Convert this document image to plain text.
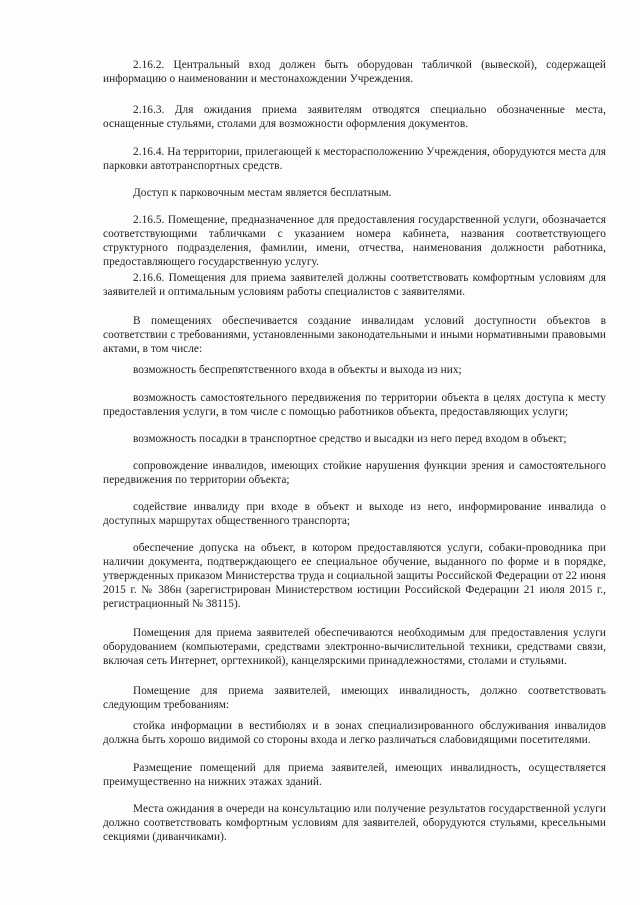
2.16.2. Центральный вход должен быть оборудован табличкой (вывеской), содержащей информацию о наименовании и местонахождении Учреждения.

2.16.3. Для ожидания приема заявителям отводятся специально обозначенные места, оснащенные стульями, столами для возможности оформления документов.

2.16.4. На территории, прилегающей к месторасположению Учреждения, оборудуются места для парковки автотранспортных средств.

Доступ к парковочным местам является бесплатным.

2.16.5. Помещение, предназначенное для предоставления государственной услуги, обозначается соответствующими табличками с указанием номера кабинета, названия соответствующего структурного подразделения, фамилии, имени, отчества, наименования должности работника, предоставляющего государственную услугу.

2.16.6. Помещения для приема заявителей должны соответствовать комфортным условиям для заявителей и оптимальным условиям работы специалистов с заявителями.

В помещениях обеспечивается создание инвалидам условий доступности объектов в соответствии с требованиями, установленными законодательными и иными нормативными правовыми актами, в том числе:

возможность беспрепятственного входа в объекты и выхода из них;

возможность самостоятельного передвижения по территории объекта в целях доступа к месту предоставления услуги, в том числе с помощью работников объекта, предоставляющих услуги;

возможность посадки в транспортное средство и высадки из него перед входом в объект;

сопровождение инвалидов, имеющих стойкие нарушения функции зрения и самостоятельного передвижения по территории объекта;

содействие инвалиду при входе в объект и выходе из него, информирование инвалида о доступных маршрутах общественного транспорта;

обеспечение допуска на объект, в котором предоставляются услуги, собаки-проводника при наличии документа, подтверждающего ее специальное обучение, выданного по форме и в порядке, утвержденных приказом Министерства труда и социальной защиты Российской Федерации от 22 июня 2015 г. № 386н (зарегистрирован Министерством юстиции Российской Федерации 21 июля 2015 г., регистрационный № 38115).

Помещения для приема заявителей обеспечиваются необходимым для предоставления услуги оборудованием (компьютерами, средствами электронно-вычислительной техники, средствами связи, включая сеть Интернет, оргтехникой), канцелярскими принадлежностями, столами и стульями.

Помещение для приема заявителей, имеющих инвалидность, должно соответствовать следующим требованиям:

стойка информации в вестибюлях и в зонах специализированного обслуживания инвалидов должна быть хорошо видимой со стороны входа и легко различаться слабовидящими посетителями.

Размещение помещений для приема заявителей, имеющих инвалидность, осуществляется преимущественно на нижних этажах зданий.

Места ожидания в очереди на консультацию или получение результатов государственной услуги должно соответствовать комфортным условиям для заявителей, оборудуются стульями, кресельными секциями (диванчиками).
